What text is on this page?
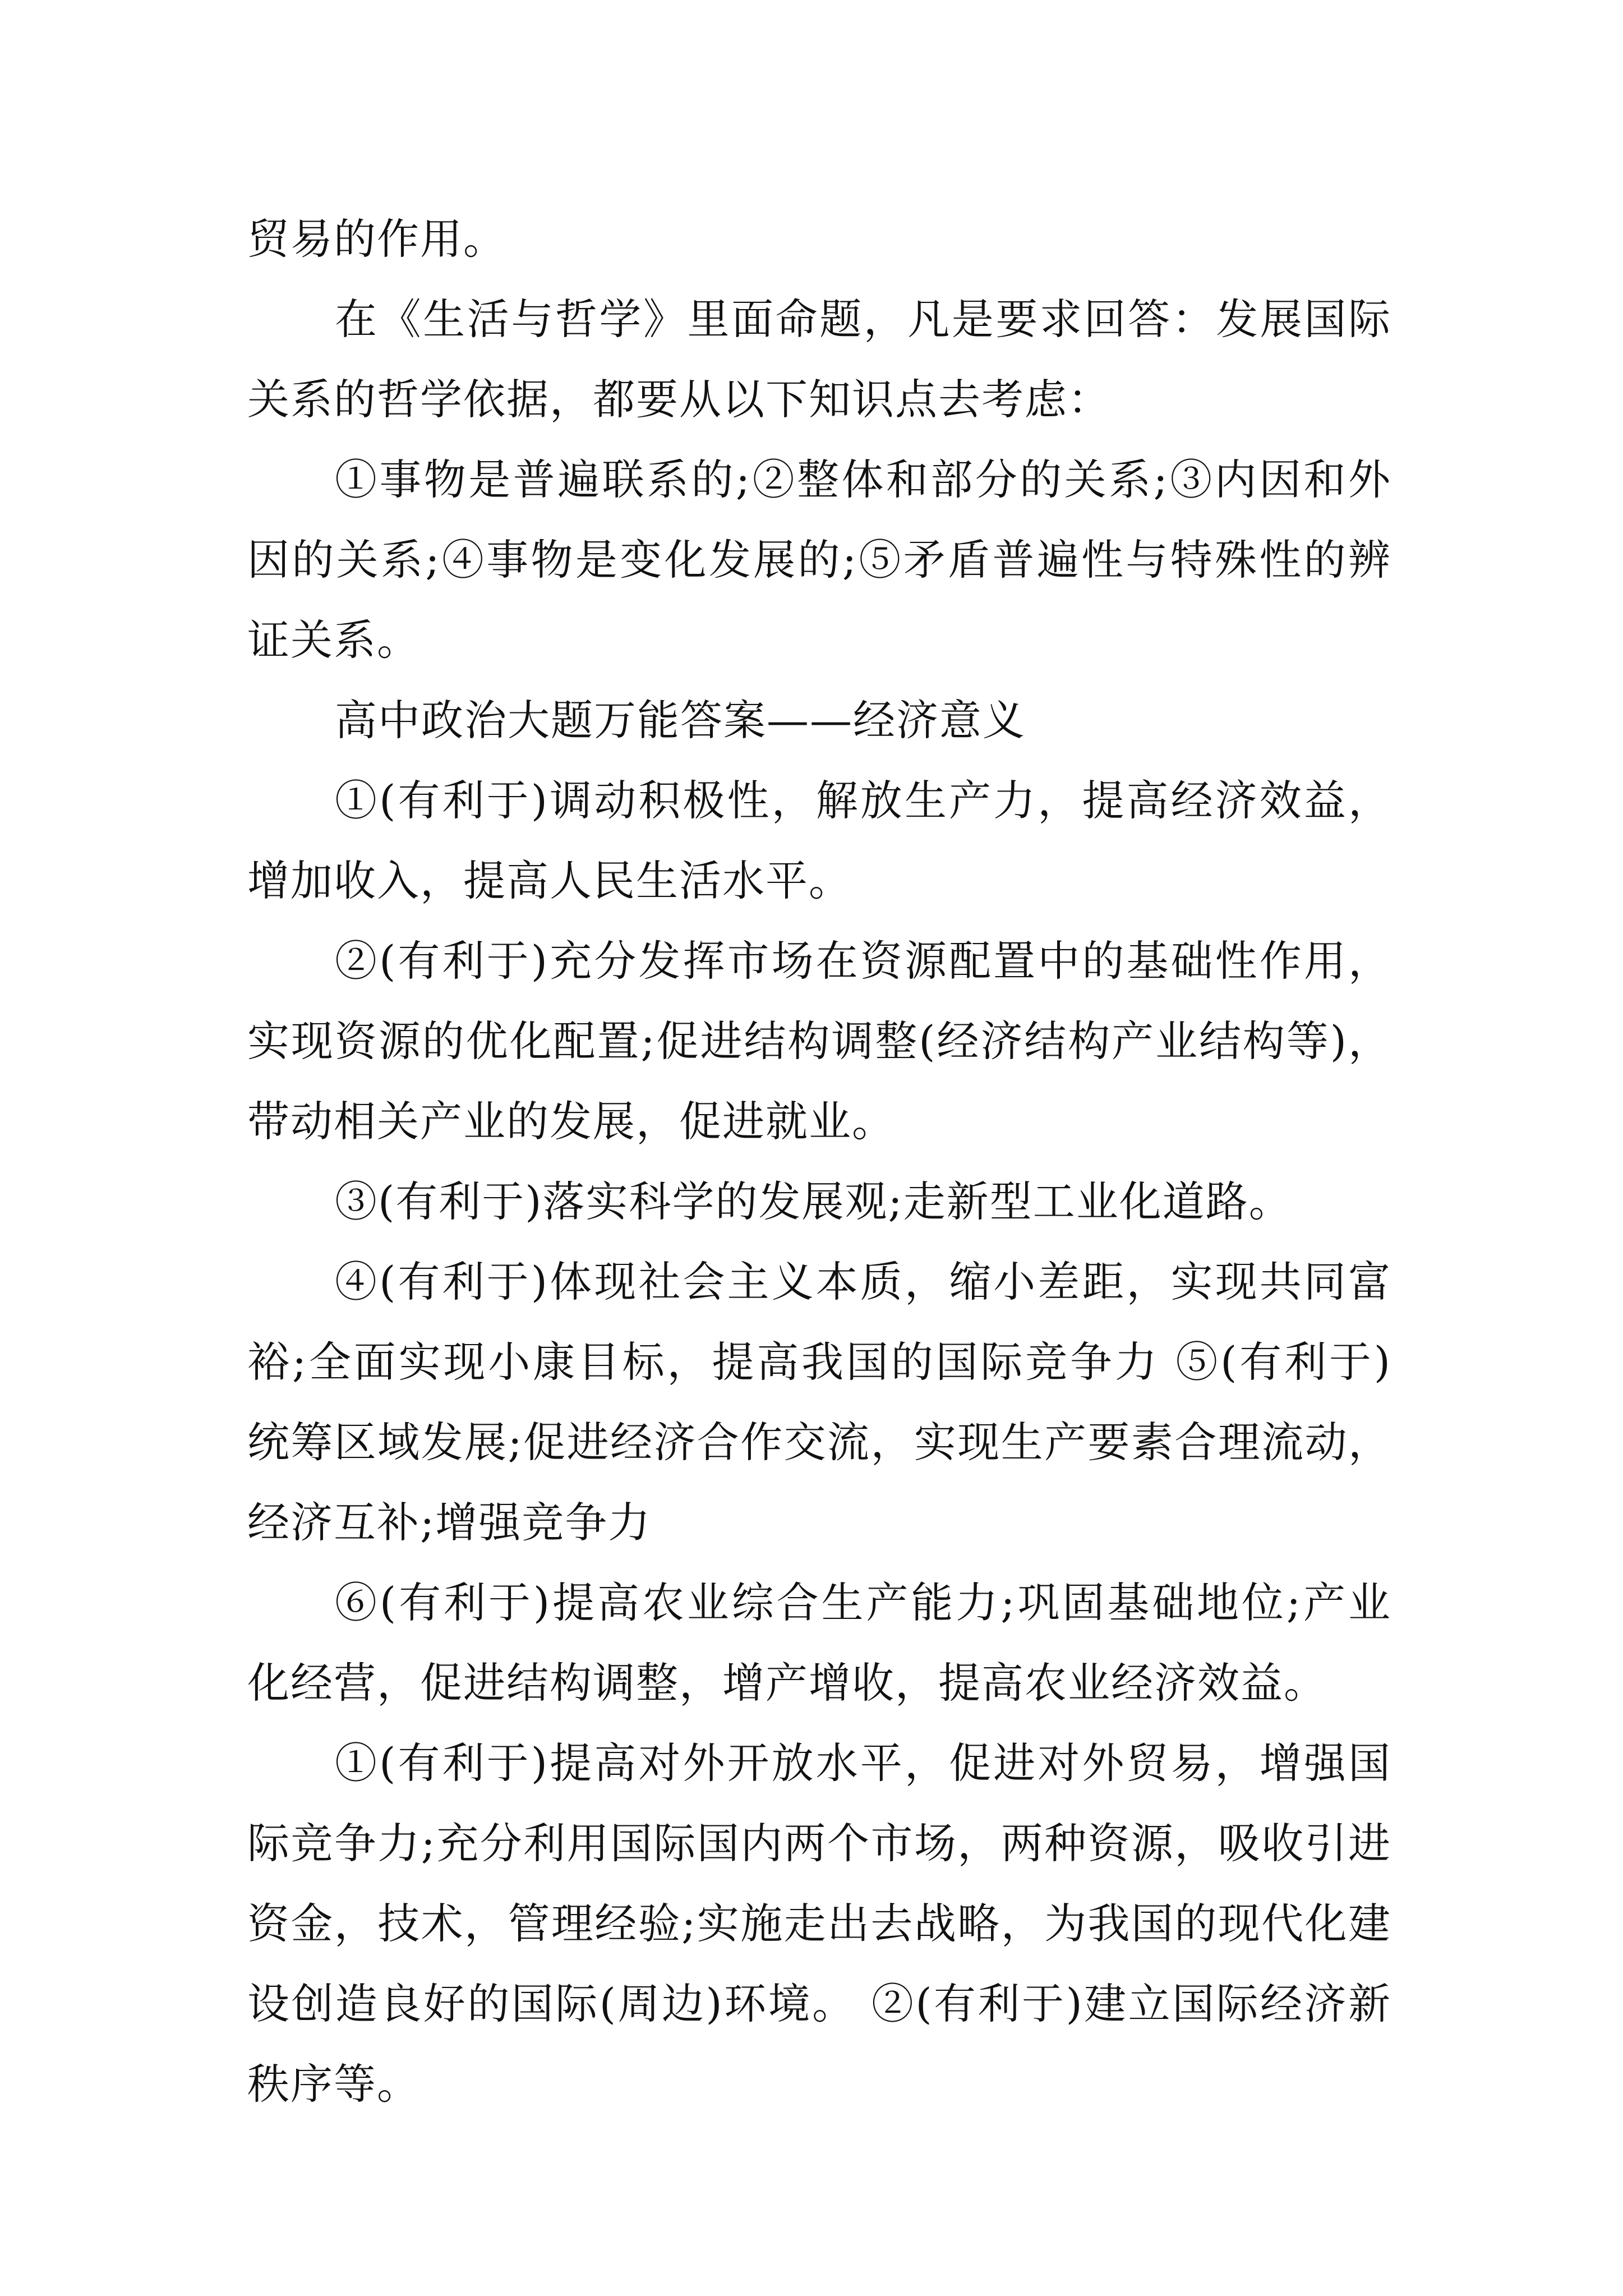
贸易的作用。

在《生活与哲学》里面命题，凡是要求回答：发展国际关系的哲学依据，都要从以下知识点去考虑：

①事物是普遍联系的;②整体和部分的关系;③内因和外因的关系;④事物是变化发展的;⑤矛盾普遍性与特殊性的辨证关系。

高中政治大题万能答案——经济意义

①(有利于)调动积极性，解放生产力，提高经济效益，增加收入，提高人民生活水平。

②(有利于)充分发挥市场在资源配置中的基础性作用，实现资源的优化配置;促进结构调整(经济结构产业结构等)，带动相关产业的发展，促进就业。

③(有利于)落实科学的发展观;走新型工业化道路。

④(有利于)体现社会主义本质，缩小差距，实现共同富裕;全面实现小康目标，提高我国的国际竞争力 ⑤(有利于)统筹区域发展;促进经济合作交流，实现生产要素合理流动，经济互补;增强竞争力

⑥(有利于)提高农业综合生产能力;巩固基础地位;产业化经营，促进结构调整，增产增收，提高农业经济效益。

①(有利于)提高对外开放水平，促进对外贸易，增强国际竞争力;充分利用国际国内两个市场，两种资源，吸收引进资金，技术，管理经验;实施走出去战略，为我国的现代化建设创造良好的国际(周边)环境。 ②(有利于)建立国际经济新秩序等。
